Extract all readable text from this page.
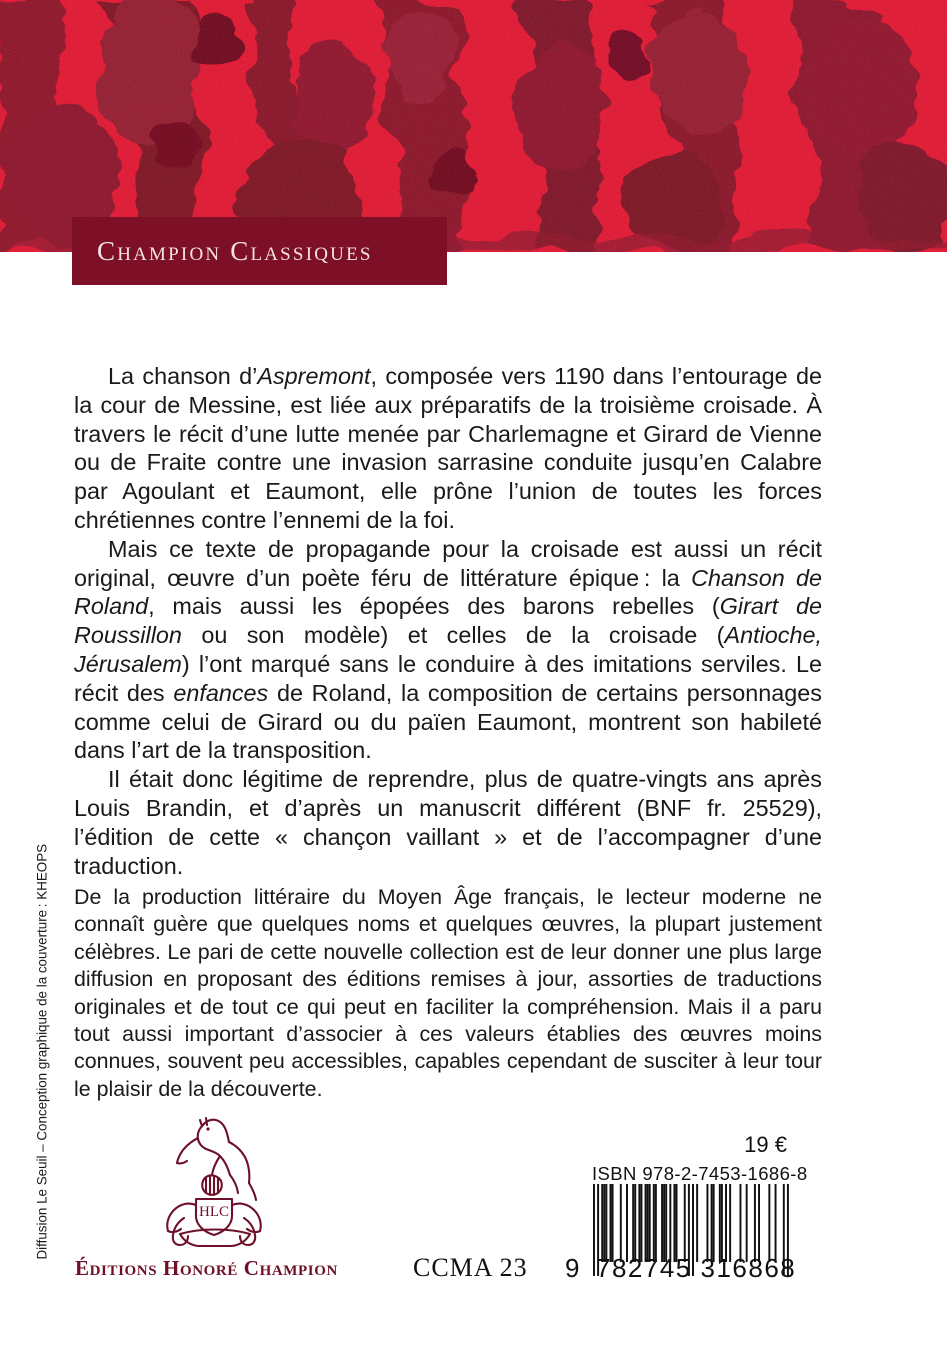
Champion Classiques

La chanson d’Aspremont, composée vers 1190 dans l’entourage de la cour de Messine, est liée aux préparatifs de la troisième croisade. À travers le récit d’une lutte menée par Charlemagne et Girard de Vienne ou de Fraite contre une invasion sarrasine conduite jusqu’en Calabre par Agoulant et Eaumont, elle prône l’union de toutes les forces chrétiennes contre l’ennemi de la foi.

Mais ce texte de propagande pour la croisade est aussi un récit original, œuvre d’un poète féru de littérature épique : la Chanson de Roland, mais aussi les épopées des barons rebelles (Girart de Roussillon ou son modèle) et celles de la croisade (Antioche, Jérusalem) l’ont marqué sans le conduire à des imitations serviles. Le récit des enfances de Roland, la composition de certains personnages comme celui de Girard ou du païen Eaumont, montrent son habileté dans l’art de la transposition.

Il était donc légitime de reprendre, plus de quatre-vingts ans après Louis Brandin, et d’après un manuscrit différent (BNF fr. 25529), l’édition de cette « chançon vaillant » et de l’accompagner d’une traduction.

De la production littéraire du Moyen Âge français, le lecteur moderne ne connaît guère que quelques noms et quelques œuvres, la plupart justement célèbres. Le pari de cette nouvelle collection est de leur donner une plus large diffusion en proposant des éditions remises à jour, assorties de traductions originales et de tout ce qui peut en faciliter la compréhension. Mais il a paru tout aussi important d’associer à ces valeurs établies des œuvres moins connues, souvent peu accessibles, capables cependant de susciter à leur tour le plaisir de la découverte.

Diffusion Le Seuil – Conception graphique de la couverture : KHEOPS	HLC
Éditions Honoré Champion	CCMA 23
19 €
ISBN 978-2-7453-1686-8
9 782745 316868
